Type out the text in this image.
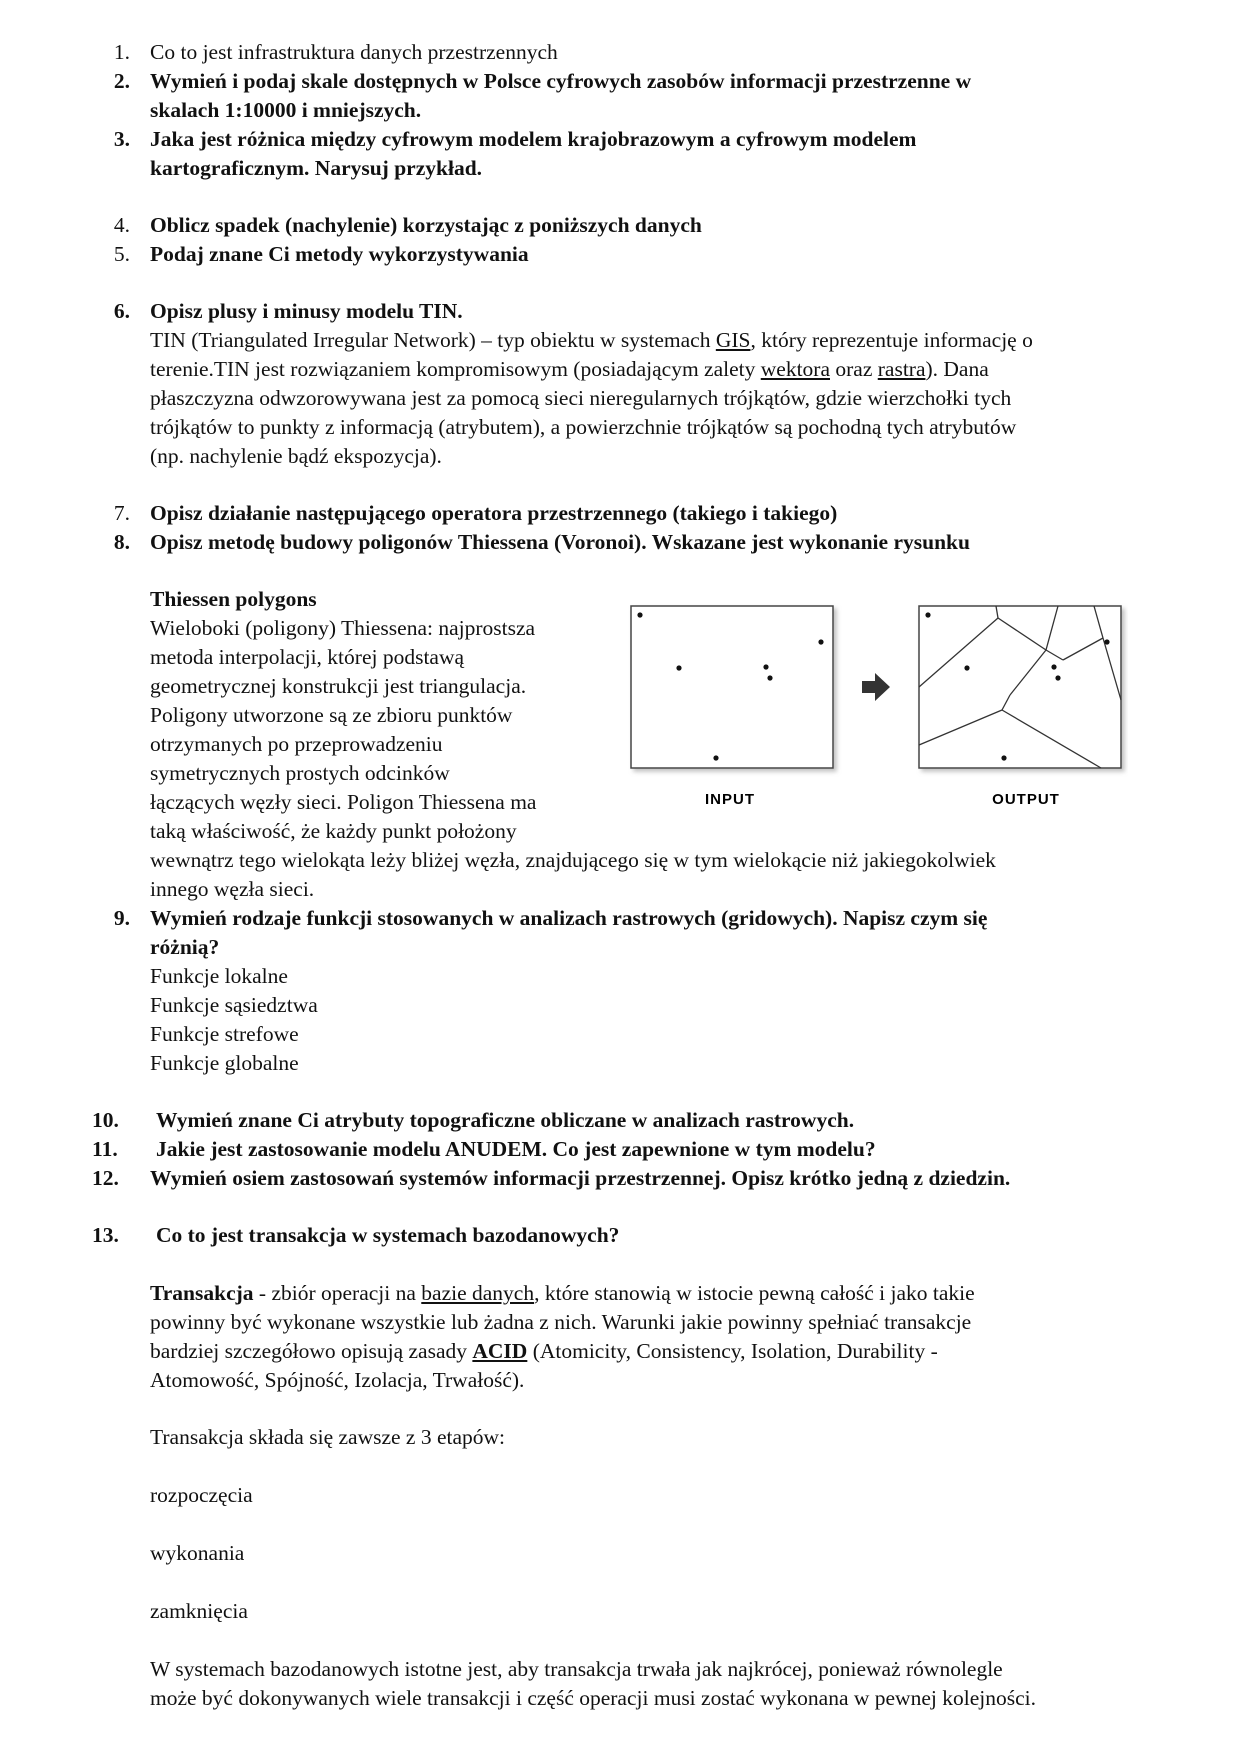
1. Co to jest infrastruktura danych przestrzennych
2. Wymień i podaj skale dostępnych w Polsce cyfrowych zasobów informacji przestrzenne w
skalach 1:10000 i mniejszych.
3. Jaka jest różnica między cyfrowym modelem krajobrazowym a cyfrowym modelem
kartograficznym. Narysuj przykład.
4. Oblicz spadek (nachylenie) korzystając z poniższych danych
5. Podaj znane Ci metody wykorzystywania
6. Opisz plusy i minusy modelu TIN.
TIN (Triangulated Irregular Network) – typ obiektu w systemach GIS, który reprezentuje informację o
terenie.TIN jest rozwiązaniem kompromisowym (posiadającym zalety wektora oraz rastra). Dana
płaszczyzna odwzorowywana jest za pomocą sieci nieregularnych trójkątów, gdzie wierzchołki tych
trójkątów to punkty z informacją (atrybutem), a powierzchnie trójkątów są pochodną tych atrybutów
(np. nachylenie bądź ekspozycja).
7. Opisz działanie następującego operatora przestrzennego (takiego i takiego)
8. Opisz metodę budowy poligonów Thiessena (Voronoi). Wskazane jest wykonanie rysunku
Thiessen polygons
Wieloboki (poligony) Thiessena: najprostsza
metoda interpolacji, której podstawą
geometrycznej konstrukcji jest triangulacja.
Poligony utworzone są ze zbioru punktów
otrzymanych po przeprowadzeniu
symetrycznych prostych odcinków
łączących węzły sieci. Poligon Thiessena ma
taką właściwość, że każdy punkt położony
wewnątrz tego wielokąta leży bliżej węzła, znajdującego się w tym wielokącie niż jakiegokolwiek
innego węzła sieci.
INPUT	OUTPUT
9. Wymień rodzaje funkcji stosowanych w analizach rastrowych (gridowych). Napisz czym się
różnią?
Funkcje lokalne
Funkcje sąsiedztwa
Funkcje strefowe
Funkcje globalne
10.	Wymień znane Ci atrybuty topograficzne obliczane w analizach rastrowych.
11.	Jakie jest zastosowanie modelu ANUDEM. Co jest zapewnione w tym modelu?
12.	Wymień osiem zastosowań systemów informacji przestrzennej. Opisz krótko jedną z dziedzin.
13.	Co to jest transakcja w systemach bazodanowych?
Transakcja - zbiór operacji na bazie danych, które stanowią w istocie pewną całość i jako takie
powinny być wykonane wszystkie lub żadna z nich. Warunki jakie powinny spełniać transakcje
bardziej szczegółowo opisują zasady ACID (Atomicity, Consistency, Isolation, Durability -
Atomowość, Spójność, Izolacja, Trwałość).
Transakcja składa się zawsze z 3 etapów:
rozpoczęcia
wykonania
zamknięcia
W systemach bazodanowych istotne jest, aby transakcja trwała jak najkrócej, ponieważ równolegle
może być dokonywanych wiele transakcji i część operacji musi zostać wykonana w pewnej kolejności.
